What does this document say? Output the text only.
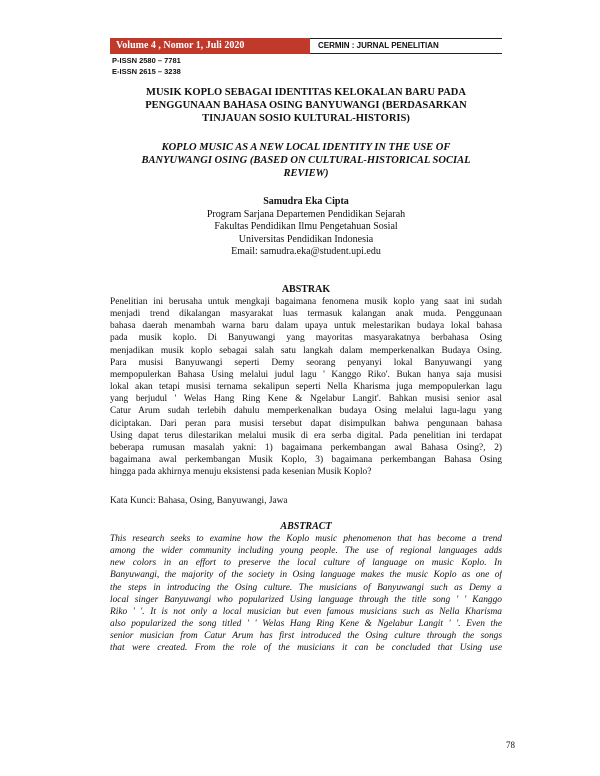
Volume 4 , Nomor 1, Juli 2020	CERMIN : JURNAL PENELITIAN
P-ISSN 2580 – 7781
E-ISSN 2615 – 3238
MUSIK KOPLO SEBAGAI IDENTITAS KELOKALAN BARU PADA
PENGGUNAAN BAHASA OSING BANYUWANGI (BERDASARKAN
TINJAUAN SOSIO KULTURAL-HISTORIS)
KOPLO MUSIC AS A NEW LOCAL IDENTITY IN THE USE OF
BANYUWANGI OSING (BASED ON CULTURAL-HISTORICAL SOCIAL
REVIEW)
Samudra Eka Cipta
Program Sarjana Departemen Pendidikan Sejarah
Fakultas Pendidikan Ilmu Pengetahuan Sosial
Universitas Pendidikan Indonesia
Email: samudra.eka@student.upi.edu
ABSTRAK
Penelitian ini berusaha untuk mengkaji bagaimana fenomena musik koplo yang saat ini sudah
menjadi trend dikalangan masyarakat luas termasuk kalangan anak muda. Penggunaan
bahasa daerah menambah warna baru dalam upaya untuk melestarikan budaya lokal bahasa
pada musik koplo. Di Banyuwangi yang mayoritas masyarakatnya berbahasa Osing
menjadikan musik koplo sebagai salah satu langkah dalam memperkenalkan Budaya Osing.
Para musisi Banyuwangi seperti Demy seorang penyanyi lokal Banyuwangi yang
mempopulerkan Bahasa Using melalui judul lagu ' Kanggo Riko'. Bukan hanya saja musisi
lokal akan tetapi musisi ternama sekalipun seperti Nella Kharisma juga mempopulerkan lagu
yang berjudul ' Welas Hang Ring Kene & Ngelabur Langit'. Bahkan musisi senior asal
Catur Arum sudah terlebih dahulu memperkenalkan budaya Osing melalui lagu-lagu yang
diciptakan. Dari peran para musisi tersebut dapat disimpulkan bahwa pengunaan bahasa
Using dapat terus dilestarikan melalui musik di era serba digital. Pada penelitian ini terdapat
beberapa rumusan masalah yakni: 1) bagaimana perkembangan awal Bahasa Osing?, 2)
bagaimana awal perkembangan Musik Koplo, 3) bagaimana perkembangan Bahasa Osing
hingga pada akhirnya menuju eksistensi pada kesenian Musik Koplo?
Kata Kunci: Bahasa, Osing, Banyuwangi, Jawa
ABSTRACT
This research seeks to examine how the Koplo music phenomenon that has become a trend
among the wider community including young people. The use of regional languages adds
new colors in an effort to preserve the local culture of language on music Koplo. In
Banyuwangi, the majority of the society in Osing language makes the music Koplo as one of
the steps in introducing the Osing culture. The musicians of Banyuwangi such as Demy a
local singer Banyuwangi who popularized Using language through the title song ' ' Kanggo
Riko ' '. It is not only a local musician but even famous musicians such as Nella Kharisma
also popularized the song titled ' ' Welas Hang Ring Kene & Ngelabur Langit ' '. Even the
senior musician from Catur Arum has first introduced the Osing culture through the songs
that were created. From the role of the musicians it can be concluded that Using use
78
